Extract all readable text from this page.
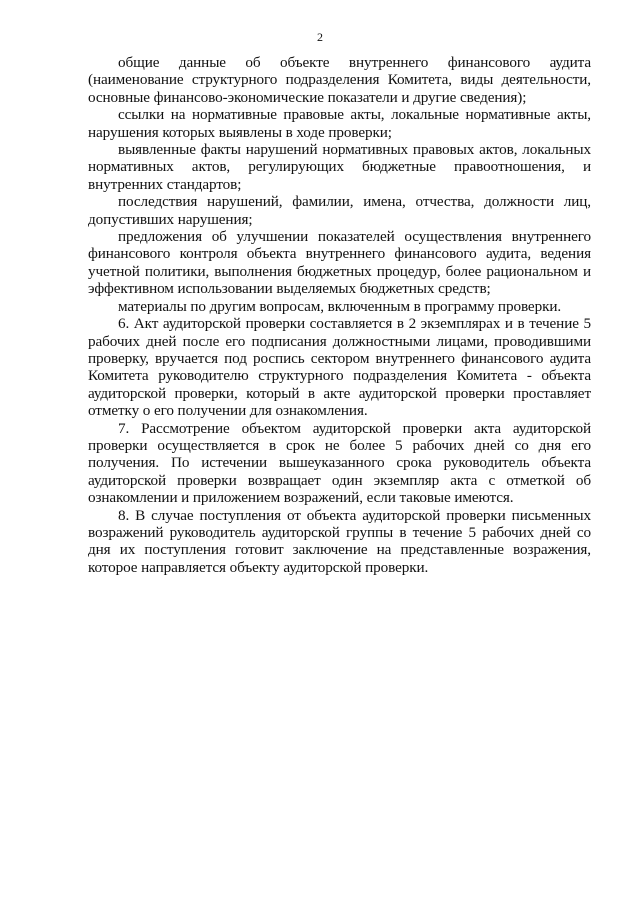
2

общие данные об объекте внутреннего финансового аудита (наименование структурного подразделения Комитета, виды деятельности, основные финансово-экономические показатели и другие сведения);

ссылки на нормативные правовые акты, локальные нормативные акты, нарушения которых выявлены в ходе проверки;

выявленные факты нарушений нормативных правовых актов, локальных нормативных актов, регулирующих бюджетные правоотношения, и внутренних стандартов;

последствия нарушений, фамилии, имена, отчества, должности лиц, допустивших нарушения;

предложения об улучшении показателей осуществления внутреннего финансового контроля объекта внутреннего финансового аудита, ведения учетной политики, выполнения бюджетных процедур, более рациональном и эффективном использовании выделяемых бюджетных средств;

материалы по другим вопросам, включенным в программу проверки.

6. Акт аудиторской проверки составляется в 2 экземплярах и в течение 5 рабочих дней после его подписания должностными лицами, проводившими проверку, вручается под роспись сектором внутреннего финансового аудита Комитета руководителю структурного подразделения Комитета - объекта аудиторской проверки, который в акте аудиторской проверки проставляет отметку о его получении для ознакомления.

7. Рассмотрение объектом аудиторской проверки акта аудиторской проверки осуществляется в срок не более 5 рабочих дней со дня его получения. По истечении вышеуказанного срока руководитель объекта аудиторской проверки возвращает один экземпляр акта с отметкой об ознакомлении и приложением возражений, если таковые имеются.

8. В случае поступления от объекта аудиторской проверки письменных возражений руководитель аудиторской группы в течение 5 рабочих дней со дня их поступления готовит заключение на представленные возражения, которое направляется объекту аудиторской проверки.
